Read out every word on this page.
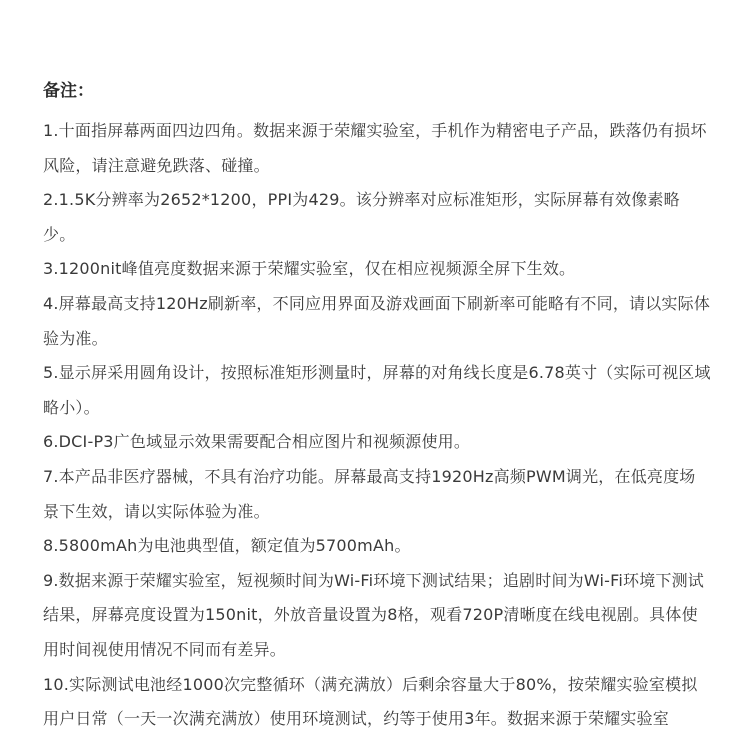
备注：

1.十面指屏幕两面四边四角。数据来源于荣耀实验室，手机作为精密电子产品，跌落仍有损坏风险，请注意避免跌落、碰撞。

2.1.5K分辨率为2652*1200，PPI为429。该分辨率对应标准矩形，实际屏幕有效像素略少。

3.1200nit峰值亮度数据来源于荣耀实验室，仅在相应视频源全屏下生效。

4.屏幕最高支持120Hz刷新率，不同应用界面及游戏画面下刷新率可能略有不同，请以实际体验为准。

5.显示屏采用圆角设计，按照标准矩形测量时，屏幕的对角线长度是6.78英寸（实际可视区域略小）。

6.DCI-P3广色域显示效果需要配合相应图片和视频源使用。

7.本产品非医疗器械，不具有治疗功能。屏幕最高支持1920Hz高频PWM调光，在低亮度场景下生效，请以实际体验为准。

8.5800mAh为电池典型值，额定值为5700mAh。

9.数据来源于荣耀实验室，短视频时间为Wi-Fi环境下测试结果；追剧时间为Wi-Fi环境下测试结果，屏幕亮度设置为150nit，外放音量设置为8格，观看720P清晰度在线电视剧。具体使用时间视使用情况不同而有差异。

10.实际测试电池经1000次完整循环（满充满放）后剩余容量大于80%，按荣耀实验室模拟用户日常（一天一次满充满放）使用环境测试，约等于使用3年。数据来源于荣耀实验室
